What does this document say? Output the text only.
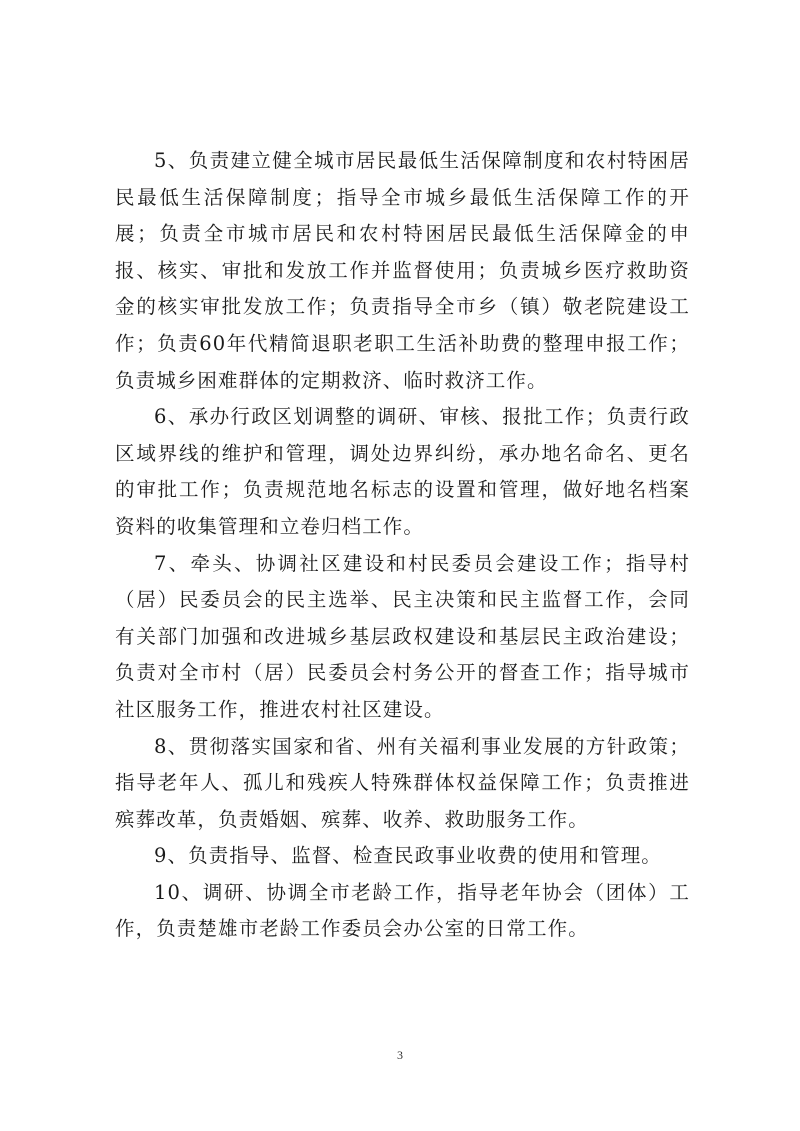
5、负责建立健全城市居民最低生活保障制度和农村特困居民最低生活保障制度；指导全市城乡最低生活保障工作的开展；负责全市城市居民和农村特困居民最低生活保障金的申报、核实、审批和发放工作并监督使用；负责城乡医疗救助资金的核实审批发放工作；负责指导全市乡（镇）敬老院建设工作；负责60年代精简退职老职工生活补助费的整理申报工作；负责城乡困难群体的定期救济、临时救济工作。

6、承办行政区划调整的调研、审核、报批工作；负责行政区域界线的维护和管理，调处边界纠纷，承办地名命名、更名的审批工作；负责规范地名标志的设置和管理，做好地名档案资料的收集管理和立卷归档工作。

7、牵头、协调社区建设和村民委员会建设工作；指导村（居）民委员会的民主选举、民主决策和民主监督工作，会同有关部门加强和改进城乡基层政权建设和基层民主政治建设；负责对全市村（居）民委员会村务公开的督查工作；指导城市社区服务工作，推进农村社区建设。

8、贯彻落实国家和省、州有关福利事业发展的方针政策；指导老年人、孤儿和残疾人特殊群体权益保障工作；负责推进殡葬改革，负责婚姻、殡葬、收养、救助服务工作。

9、负责指导、监督、检查民政事业收费的使用和管理。

10、调研、协调全市老龄工作，指导老年协会（团体）工作，负责楚雄市老龄工作委员会办公室的日常工作。

3
